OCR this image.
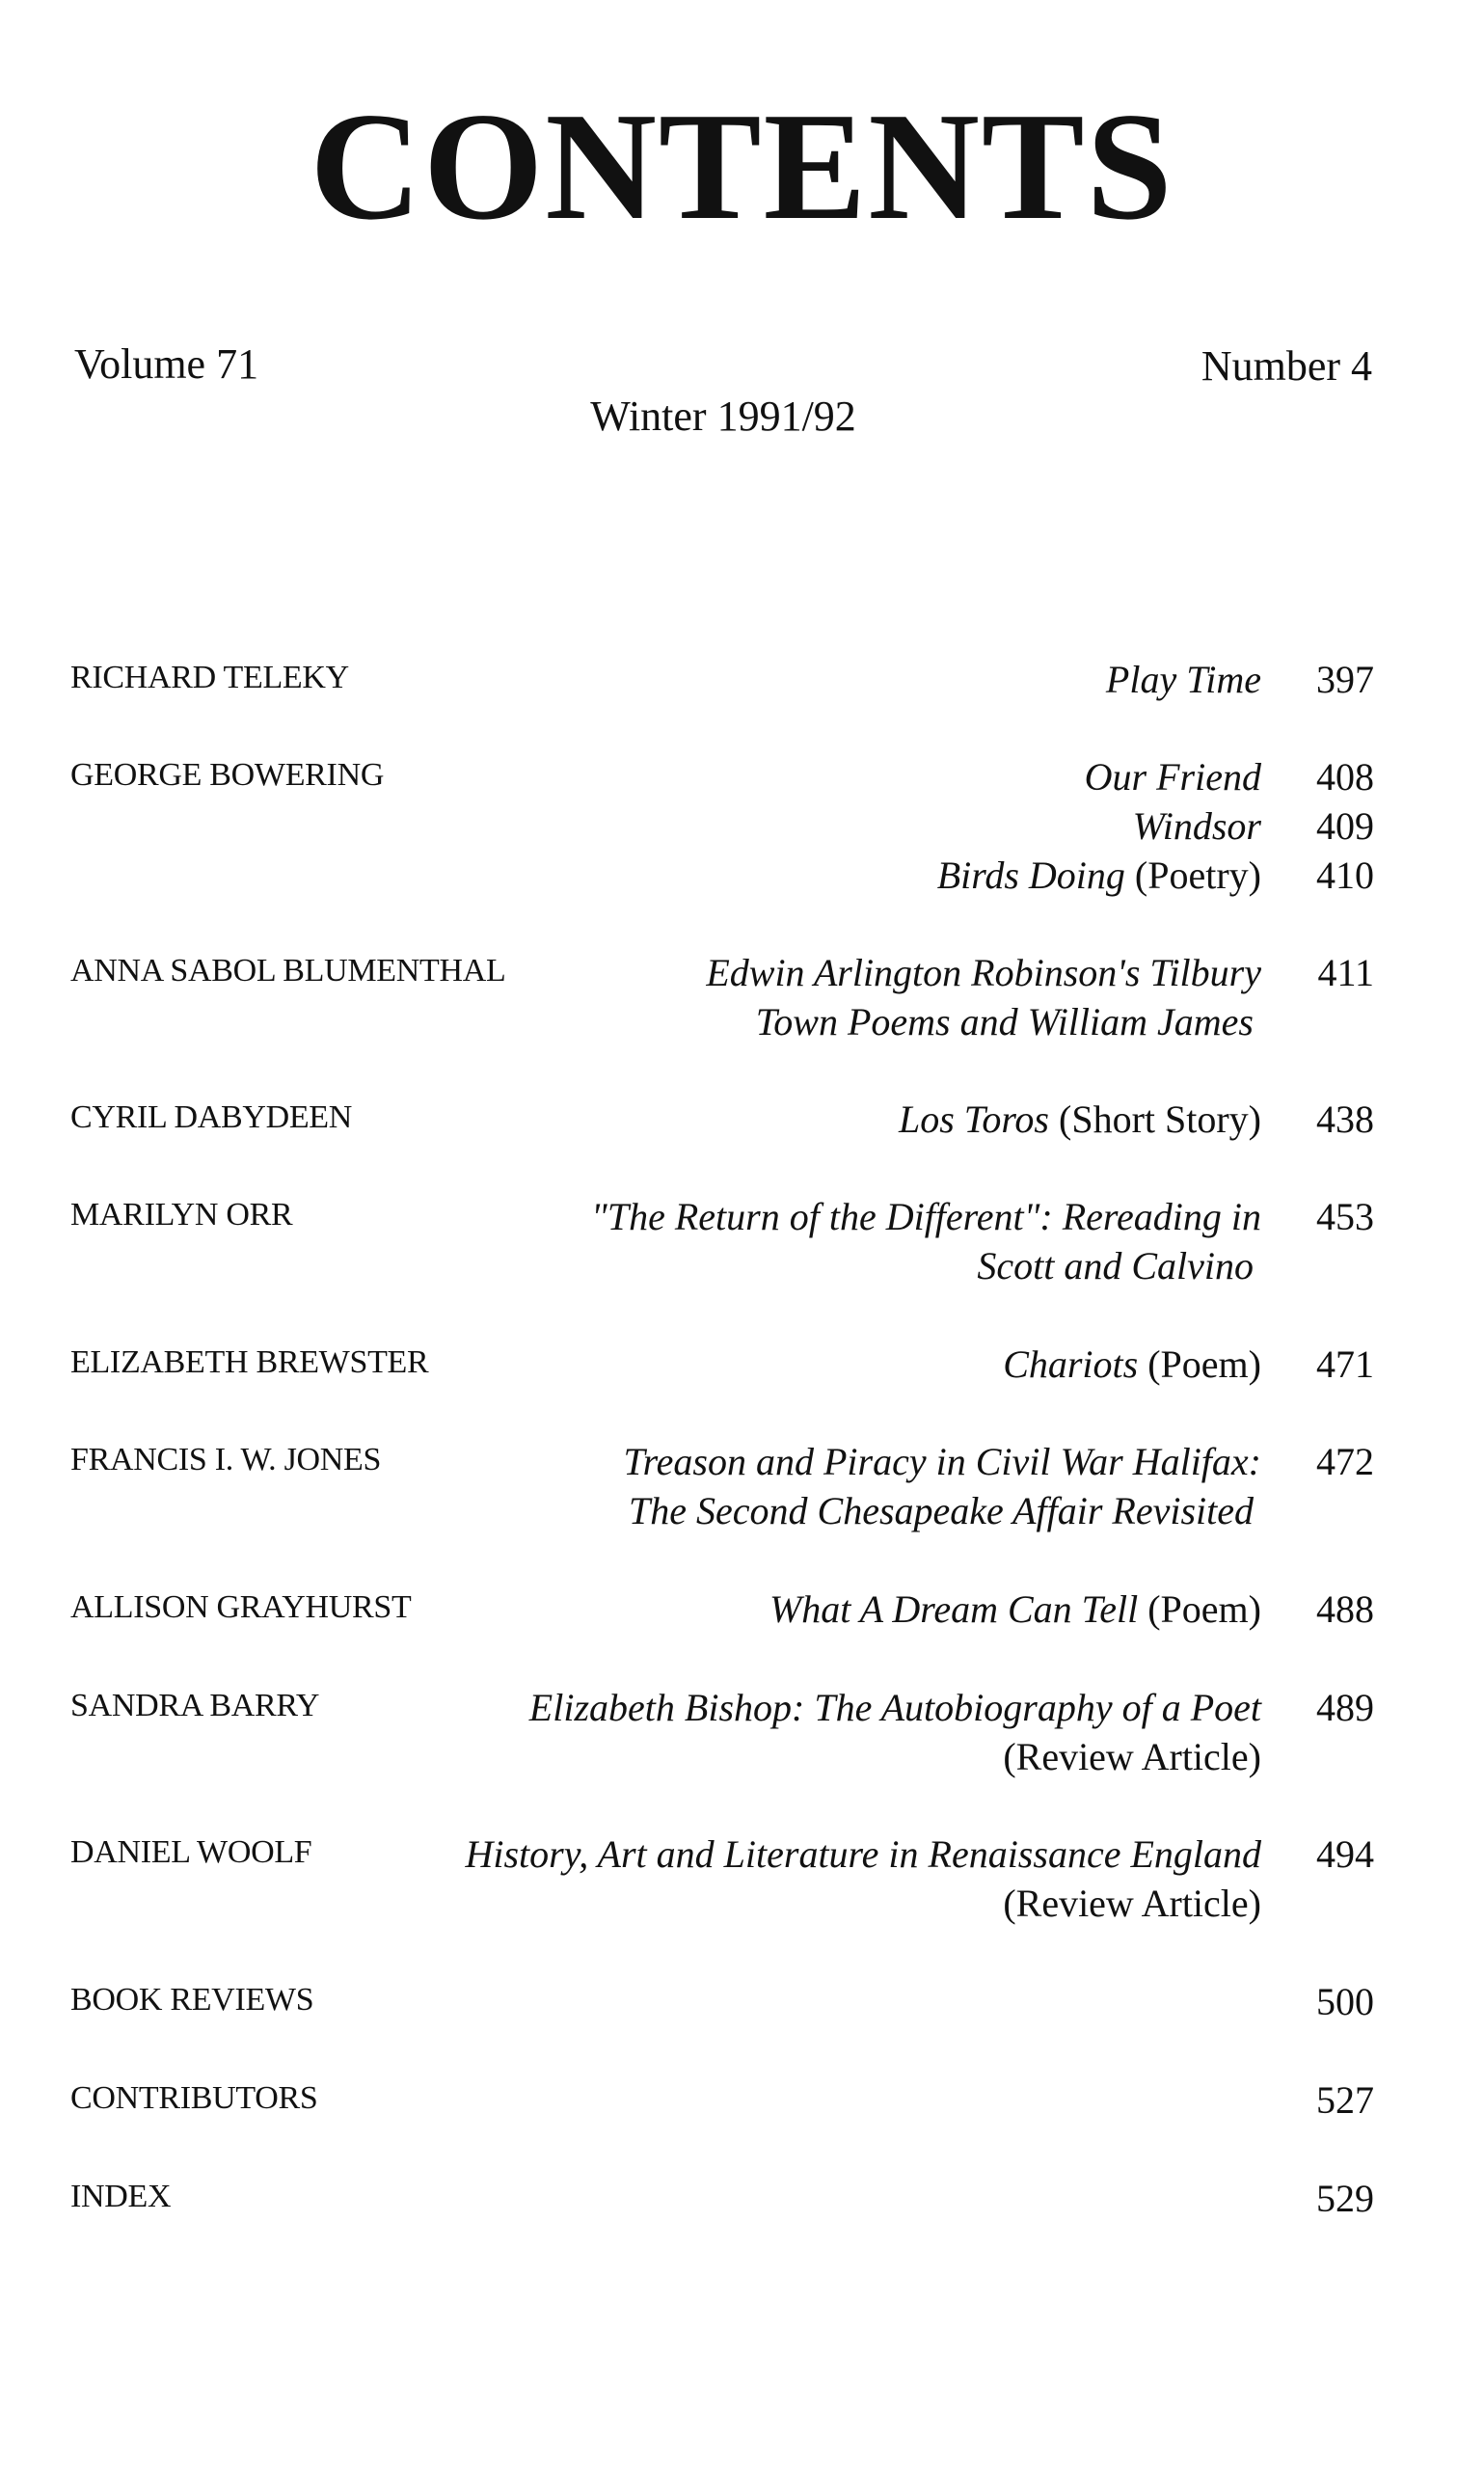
CONTENTS
Volume 71	Number 4
Winter 1991/92
RICHARD TELEKY	Play Time 397
GEORGE BOWERING	Our Friend 408
Windsor 409
Birds Doing (Poetry) 410
ANNA SABOL BLUMENTHAL	Edwin Arlington Robinson's Tilbury
Town Poems and William James
411
CYRIL DABYDEEN	Los Toros (Short Story) 438
MARILYN ORR	"The Return of the Different": Rereading in
Scott and Calvino
453
ELIZABETH BREWSTER	Chariots (Poem) 471
FRANCIS I. W. JONES	Treason and Piracy in Civil War Halifax:
The Second Chesapeake Affair Revisited
472
ALLISON GRAYHURST	What A Dream Can Tell (Poem) 488
SANDRA BARRY	Elizabeth Bishop: The Autobiography of a Poet
(Review Article)
489
DANIEL WOOLF	History, Art and Literature in Renaissance England
(Review Article)
494
BOOK REVIEWS	500
CONTRIBUTORS	527
INDEX	529
